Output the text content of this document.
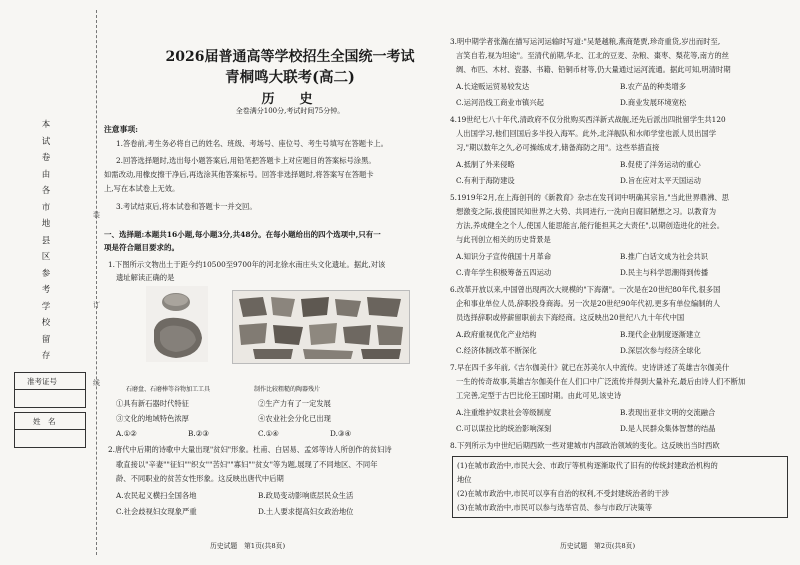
本
试
卷
由
各
市
地
县
区
参
考
学
校
留
存
装
订
线
准考证号
姓　名
2026届普通高等学校招生全国统一考试
青桐鸣大联考(高二)
历　史
全卷满分100分,考试时间75分钟。
注意事项:
1.答卷前,考生务必将自己的姓名、班级、考场号、座位号、考生号填写在答题卡上。
2.回答选择题时,选出每小题答案后,用铅笔把答题卡上对应题目的答案标号涂黑。
如需改动,用橡皮擦干净后,再选涂其他答案标号。回答非选择题时,将答案写在答题卡
上,写在本试卷上无效。
3.考试结束后,将本试卷和答题卡一并交回。
一、选择题:本题共16小题,每小题3分,共48分。在每小题给出的四个选项中,只有一
项是符合题目要求的。
1.下图所示文物出土于距今约10500至9700年的河北徐水南庄头文化遗址。据此,对该
遗址解读正确的是
石磨盘、石磨棒等谷物加工工具	制作比较粗糙的陶器残片
①具有新石器时代特征	②生产力有了一定发展
③文化的地域特色浓厚	④农业社会分化已出现
A.①②	B.②③	C.①④	D.③④
2.唐代中后期的诗歌中大量出现"贫妇"形象。杜甫、白居易、孟郊等诗人所创作的贫妇诗
歌直接以"辛妻""征妇""织女""苦妇""寡妇""贫女"等为题,展现了不同地区、不同年
龄、不同职业的贫苦女性形象。这反映出唐代中后期
A.农民起义横扫全国各地	B.政局变动影响底层民众生活
C.社会歧视妇女现象严重	D.土人要求提高妇女政治地位
历史试题　第1页(共8页)
3.明中期学者张瀚在描写运河运输时写道:"吴楚越粮,燕商楚贾,珍奇重货,岁出而时至,
言笑自若,视为坦途"。至清代前期,华北、江北的豆麦、杂粮、棗枣、梨花等,南方的丝
绸、布匹、木材、瓷器、书籍、铅铜币材等,仍大量通过运河流通。据此可知,明清时期
A.长途贩运贸易较发达	B.农产品的种类增多
C.运河沿线工商业市镇兴起	D.商业发展环境宽松
4.19世纪七八十年代,清政府不仅分批购买西洋新式战舰,还先后派出四批留学生共120
人出国学习,他们回国后多半投入海军。此外,北洋舰队和水师学堂也派人员出国学
习,"期以数年之久,必可操练成才,储备海防之用"。这些举措直接
A.抵制了外来侵略	B.促使了洋务运动的重心
C.有利于海防建设	D.旨在应对太平天国运动
5.1919年2月,在上海创刊的《新教育》杂志在发刊词中明确其宗旨,"当此世界鼎沸、思
想激变之际,拔使国民知世界之大势、共同进行,一洗向日腐旧陋想之习。以教育为
方法,养成健全之个人,使国人能思能言,能行能担其之大责任",以期创造进化的社会。
与此刊创立相关的历史背景是
A.知识分子宣传俄国十月革命	B.推广白话文成为社会共识
C.青年学生积极筹备五四运动	D.民主与科学思潮得到传播
6.改革开放以来,中国曾出现两次大规模的"下海潮"。一次是在20世纪80年代,很多国
企和事业单位人员,辞职投身商海。另一次是20世纪90年代初,更多有单位编制的人
员选择辞职或停薪留职前去下海经商。这反映出20世纪八九十年代中国
A.政府重视优化产业结构	B.现代企业制度逐渐建立
C.经济体制改革不断深化	D.深层次参与经济全球化
7.早在四千多年前,《吉尔伽美什》就已在苏美尔人中流传。史诗讲述了英雄吉尔伽美什
一生的传奇故事,英雄吉尔伽美什在人们口中广泛流传并得到大量补充,最后由诗人们不断加
工完善,定型于古巴比伦王国时期。由此可见,该史诗
A.注重维护奴隶社会等级制度	B.表现出亚非文明的交流融合
C.可以谋拉比的统治影响深刻	D.是人民群众集体智慧的结晶
8.下列所示为中世纪后期西欧一些对建城市内部政治领域的变化。这反映出当时西欧
(1)在城市政治中,市民大会、市政厅等机构逐渐取代了旧有的传统封建政治机构的
地位
(2)在城市政治中,市民可以享有自治的权利,不受封建统治者的干涉
(3)在城市政治中,市民可以参与选举官员、参与市政厅决策等
历史试题　第2页(共8页)
